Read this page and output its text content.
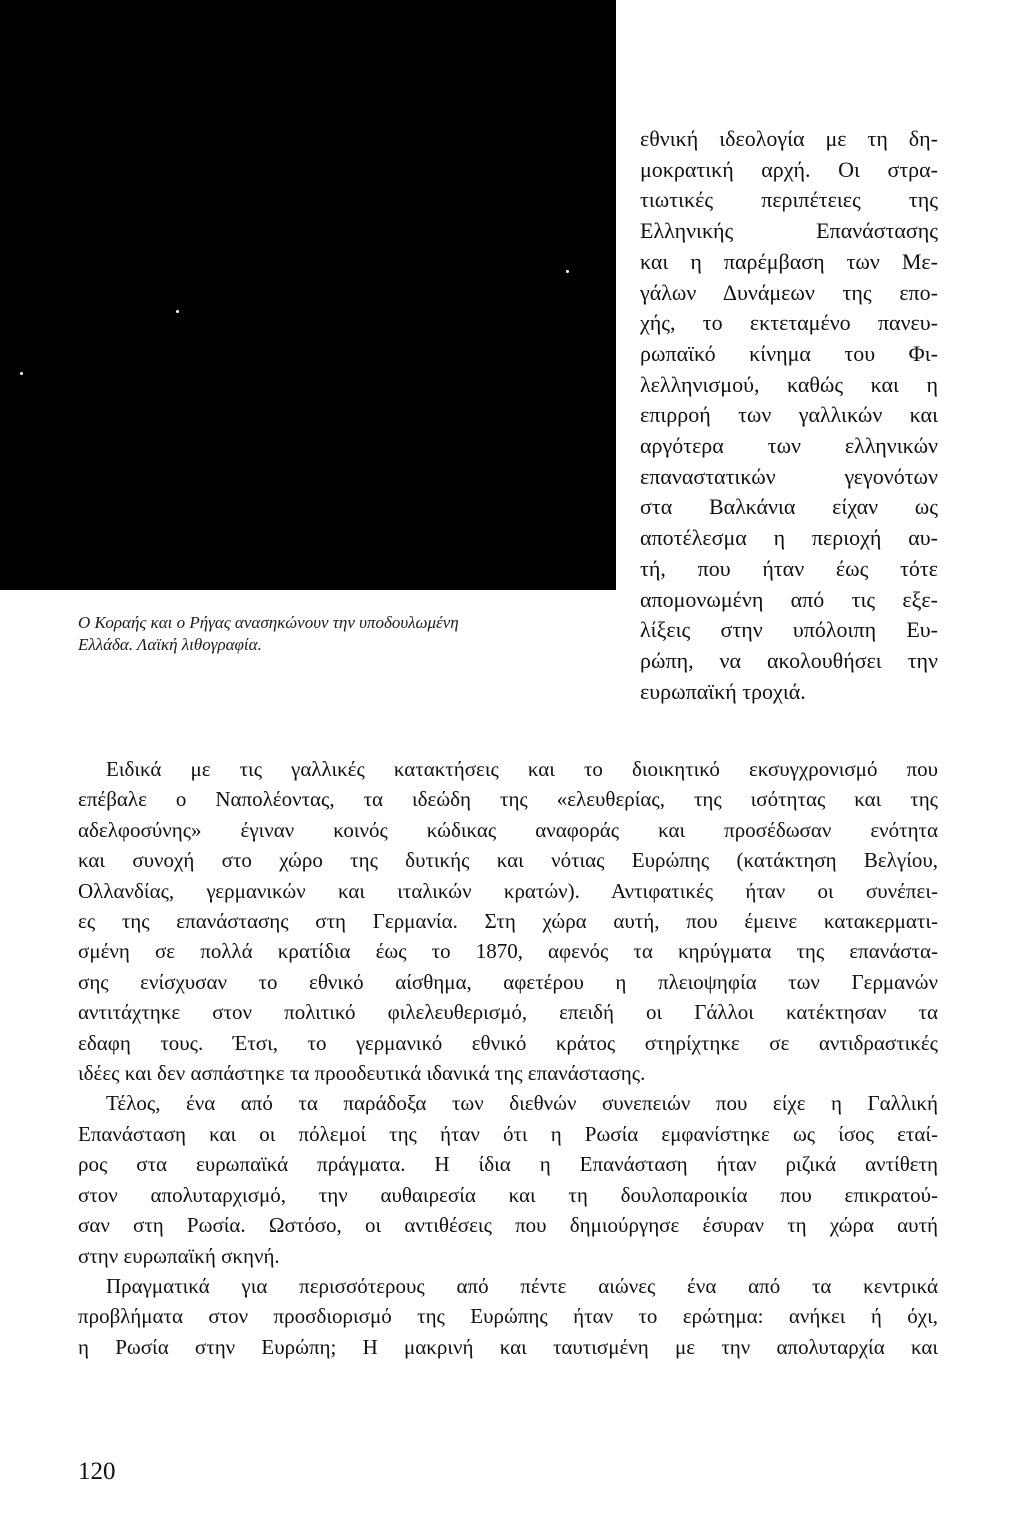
Ο Κοραής και ο Ρήγας ανασηκώνουν την υποδουλωμένη
Ελλάδα. Λαϊκή λιθογραφία.
εθνική ιδεολογία με τη δη-
μοκρατική αρχή. Οι στρα-
τιωτικές περιπέτειες της
Ελληνικής Επανάστασης
και η παρέμβαση των Με-
γάλων Δυνάμεων της επο-
χής, το εκτεταμένο πανευ-
ρωπαϊκό κίνημα του Φι-
λελληνισμού, καθώς και η
επιρροή των γαλλικών και
αργότερα των ελληνικών
επαναστατικών γεγονότων
στα Βαλκάνια είχαν ως
αποτέλεσμα η περιοχή αυ-
τή, που ήταν έως τότε
απομονωμένη από τις εξε-
λίξεις στην υπόλοιπη Ευ-
ρώπη, να ακολουθήσει την
ευρωπαϊκή τροχιά.
Ειδικά με τις γαλλικές κατακτήσεις και το διοικητικό εκσυγχρονισμό που
επέβαλε ο Ναπολέοντας, τα ιδεώδη της «ελευθερίας, της ισότητας και της
αδελφοσύνης» έγιναν κοινός κώδικας αναφοράς και προσέδωσαν ενότητα
και συνοχή στο χώρο της δυτικής και νότιας Ευρώπης (κατάκτηση Βελγίου,
Ολλανδίας, γερμανικών και ιταλικών κρατών). Αντιφατικές ήταν οι συνέπει-
ες της επανάστασης στη Γερμανία. Στη χώρα αυτή, που έμεινε κατακερματι-
σμένη σε πολλά κρατίδια έως το 1870, αφενός τα κηρύγματα της επανάστα-
σης ενίσχυσαν το εθνικό αίσθημα, αφετέρου η πλειοψηφία των Γερμανών
αντιτάχτηκε στον πολιτικό φιλελευθερισμό, επειδή οι Γάλλοι κατέκτησαν τα
εδαφη τους. Έτσι, το γερμανικό εθνικό κράτος στηρίχτηκε σε αντιδραστικές
ιδέες και δεν ασπάστηκε τα προοδευτικά ιδανικά της επανάστασης.
Τέλος, ένα από τα παράδοξα των διεθνών συνεπειών που είχε η Γαλλική
Επανάσταση και οι πόλεμοί της ήταν ότι η Ρωσία εμφανίστηκε ως ίσος εταί-
ρος στα ευρωπαϊκά πράγματα. Η ίδια η Επανάσταση ήταν ριζικά αντίθετη
στον απολυταρχισμό, την αυθαιρεσία και τη δουλοπαροικία που επικρατού-
σαν στη Ρωσία. Ωστόσο, οι αντιθέσεις που δημιούργησε έσυραν τη χώρα αυτή
στην ευρωπαϊκή σκηνή.
Πραγματικά για περισσότερους από πέντε αιώνες ένα από τα κεντρικά
προβλήματα στον προσδιορισμό της Ευρώπης ήταν το ερώτημα: ανήκει ή όχι,
η Ρωσία στην Ευρώπη; Η μακρινή και ταυτισμένη με την απολυταρχία και
120
